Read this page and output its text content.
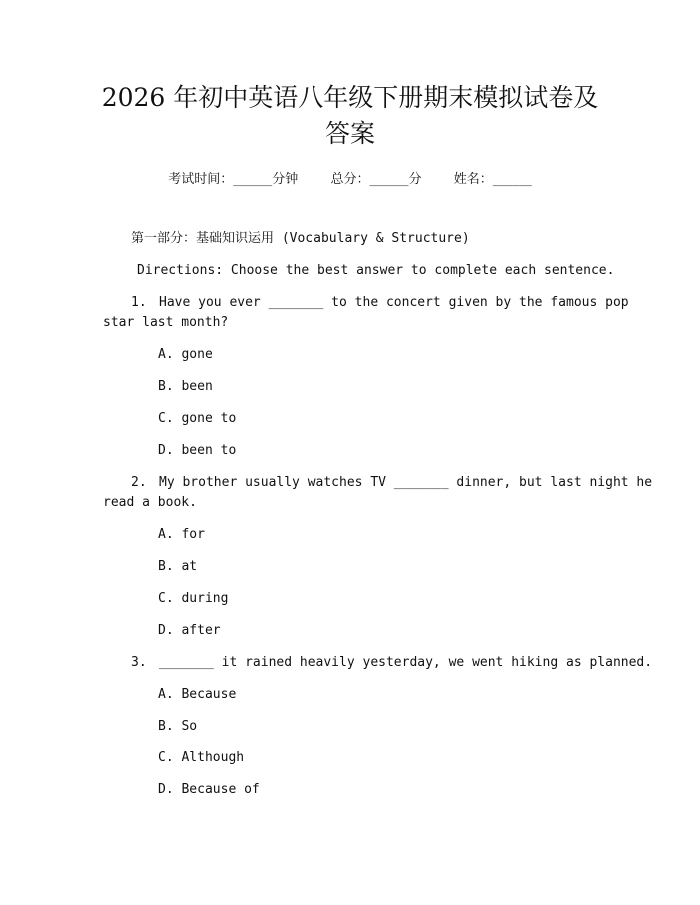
2026 年初中英语八年级下册期末模拟试卷及
答案
考试时间：______分钟 总分：______分 姓名：______
第一部分：基础知识运用 (Vocabulary & Structure)
Directions: Choose the best answer to complete each sentence.
1. Have you ever _______ to the concert given by the famous pop
star last month?
A. gone
B. been
C. gone to
D. been to
2. My brother usually watches TV _______ dinner, but last night he
read a book.
A. for
B. at
C. during
D. after
3. _______ it rained heavily yesterday, we went hiking as planned.
A. Because
B. So
C. Although
D. Because of
